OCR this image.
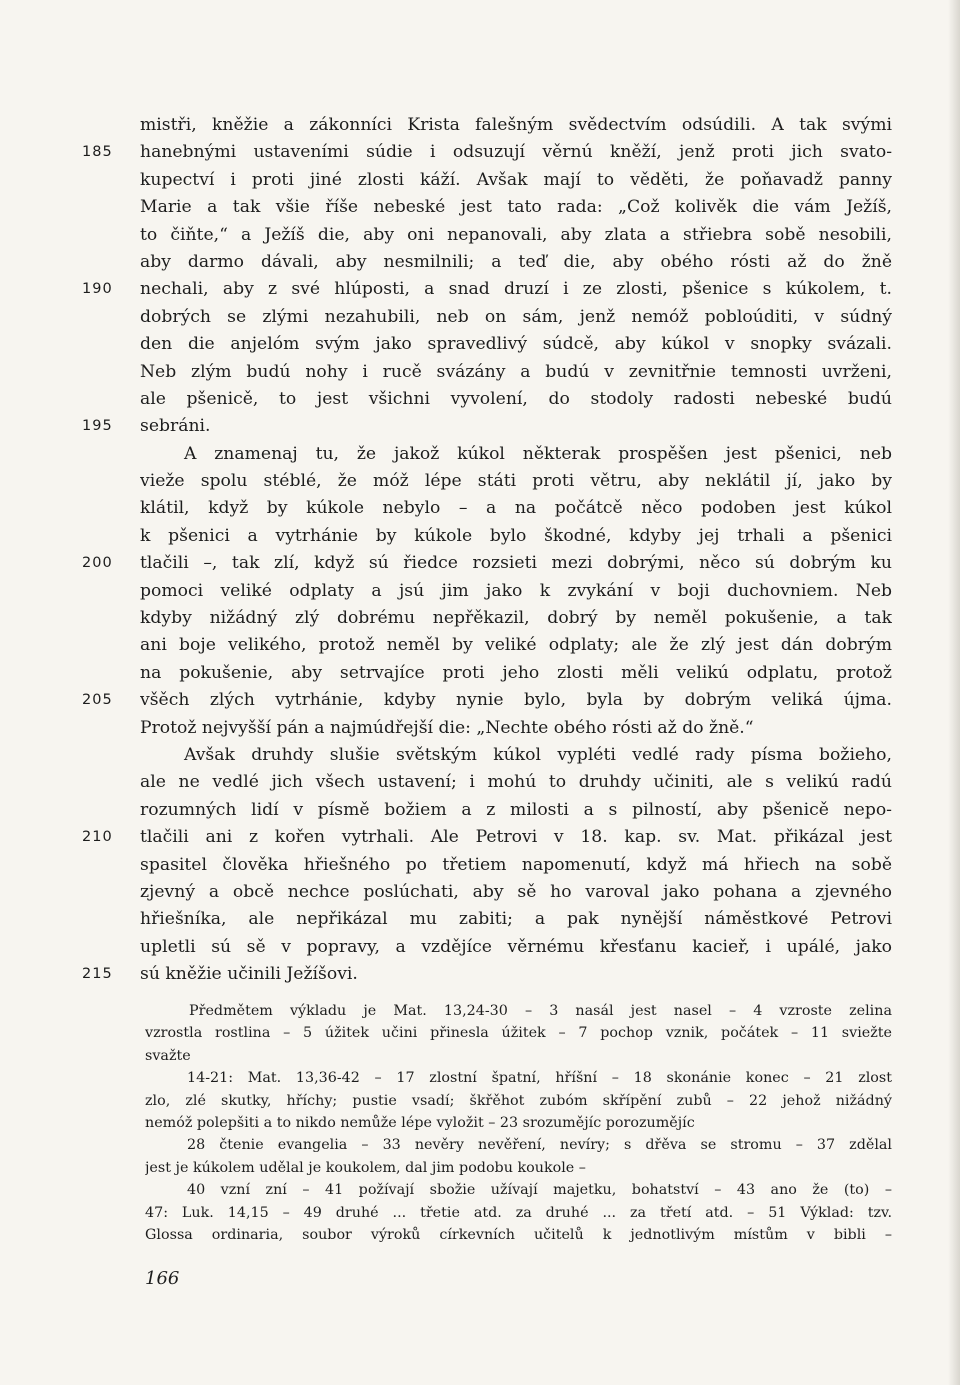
mistři, kněžie a zákonníci Krista falešným svědectvím odsúdili. A tak svými
185	hanebnými ustaveními súdie i odsuzují věrnú kněží, jenž proti jich svato-
kupectví i proti jiné zlosti káží. Avšak mají to věděti, že poňavadž panny
Marie a tak všie říše nebeské jest tato rada: „Což kolivěk die vám Ježíš,
to čiňte,“ a Ježíš die, aby oni nepanovali, aby zlata a střiebra sobě nesobili,
aby darmo dávali, aby nesmilnili; a teď die, aby obého rósti až do žně
190	nechali, aby z své hlúposti, a snad druzí i ze zlosti, pšenice s kúkolem, t.
dobrých se zlými nezahubili, neb on sám, jenž nemóž pobloúditi, v súdný
den die anjelóm svým jako spravedlivý súdcě, aby kúkol v snopky svázali.
Neb zlým budú nohy i rucě svázány a budú v zevnitřnie temnosti uvrženi,
ale pšenicě, to jest všichni vyvolení, do stodoly radosti nebeské budú
195	sebráni.
A znamenaj tu, že jakož kúkol některak prospěšen jest pšenici, neb
vieže spolu stéblé, že móž lépe státi proti větru, aby neklátil jí, jako by
klátil, když by kúkole nebylo – a na počátcě něco podoben jest kúkol
k pšenici a vytrhánie by kúkole bylo škodné, kdyby jej trhali a pšenici
200	tlačili –, tak zlí, když sú řiedce rozsieti mezi dobrými, něco sú dobrým ku
pomoci veliké odplaty a jsú jim jako k zvykání v boji duchovniem. Neb
kdyby nižádný zlý dobrému nepřěkazil, dobrý by neměl pokušenie, a tak
ani boje velikého, protož neměl by veliké odplaty; ale že zlý jest dán dobrým
na pokušenie, aby setrvajíce proti jeho zlosti měli velikú odplatu, protož
205	všěch zlých vytrhánie, kdyby nynie bylo, byla by dobrým veliká újma.
Protož nejvyšší pán a najmúdřejší die: „Nechte obého rósti až do žně.“
Avšak druhdy slušie světským kúkol vypléti vedlé rady písma božieho,
ale ne vedlé jich všech ustavení; i mohú to druhdy učiniti, ale s velikú radú
rozumných lidí v písmě božiem a z milosti a s pilností, aby pšenicě nepo-
210	tlačili ani z kořen vytrhali. Ale Petrovi v 18. kap. sv. Mat. přikázal jest
spasitel člověka hřiešného po třetiem napomenutí, když má hřiech na sobě
zjevný a obcě nechce poslúchati, aby sě ho varoval jako pohana a zjevného
hřiešníka, ale nepřikázal mu zabiti; a pak nynější náměstkové Petrovi
upletli sú sě v popravy, a vzdějíce věrnému křesťanu kacieř, i upálé, jako
215	sú kněžie učinili Ježíšovi.
Předmětem výkladu je Mat. 13,24-30 – 3 nasál jest nasel – 4 vzroste zelina
vzrostla rostlina – 5 úžitek učini přinesla úžitek – 7 pochop vznik, počátek – 11 sviežte
svažte
14-21: Mat. 13,36-42 – 17 zlostní špatní, hříšní – 18 skonánie konec – 21 zlost
zlo, zlé skutky, hříchy; pustie vsadí; škřěhot zubóm skřípění zubů – 22 jehož nižádný
nemóž polepšiti a to nikdo nemůže lépe vyložit – 23 srozumějíc porozumějíc
28 čtenie evangelia – 33 nevěry nevěření, nevíry; s dřěva se stromu – 37 zdělal
jest je kúkolem udělal je koukolem, dal jim podobu koukole –
40 vzní zní – 41 požívají sbožie užívají majetku, bohatství – 43 ano že (to) –
47: Luk. 14,15 – 49 druhé ... třetie atd. za druhé ... za třetí atd. – 51 Výklad: tzv.
Glossa ordinaria, soubor výroků církevních učitelů k jednotlivým místům v bibli –
166
